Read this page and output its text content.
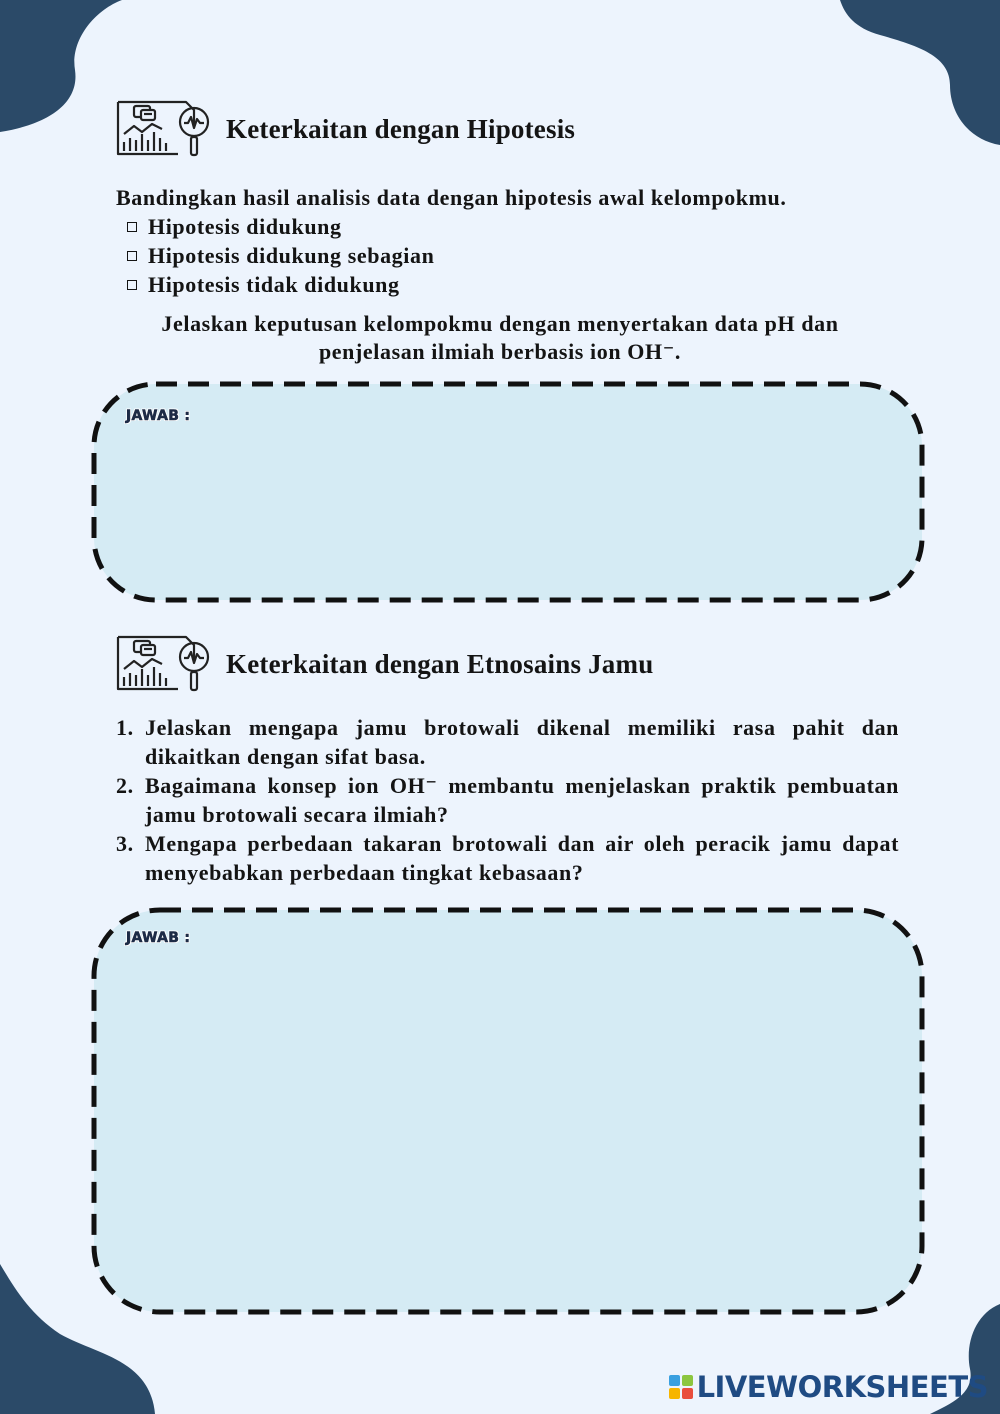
Keterkaitan dengan Hipotesis
Bandingkan hasil analisis data dengan hipotesis awal kelompokmu.
Hipotesis didukung
Hipotesis didukung sebagian
Hipotesis tidak didukung
Jelaskan keputusan kelompokmu dengan menyertakan data pH dan
penjelasan ilmiah berbasis ion OH⁻.
JAWAB :
Keterkaitan dengan Etnosains Jamu
1. Jelaskan mengapa jamu brotowali dikenal memiliki rasa pahit dan dikaitkan dengan sifat basa.
2. Bagaimana konsep ion OH⁻ membantu menjelaskan praktik pembuatan jamu brotowali secara ilmiah?
3. Mengapa perbedaan takaran brotowali dan air oleh peracik jamu dapat menyebabkan perbedaan tingkat kebasaan?
JAWAB :
LIVEWORKSHEETS
